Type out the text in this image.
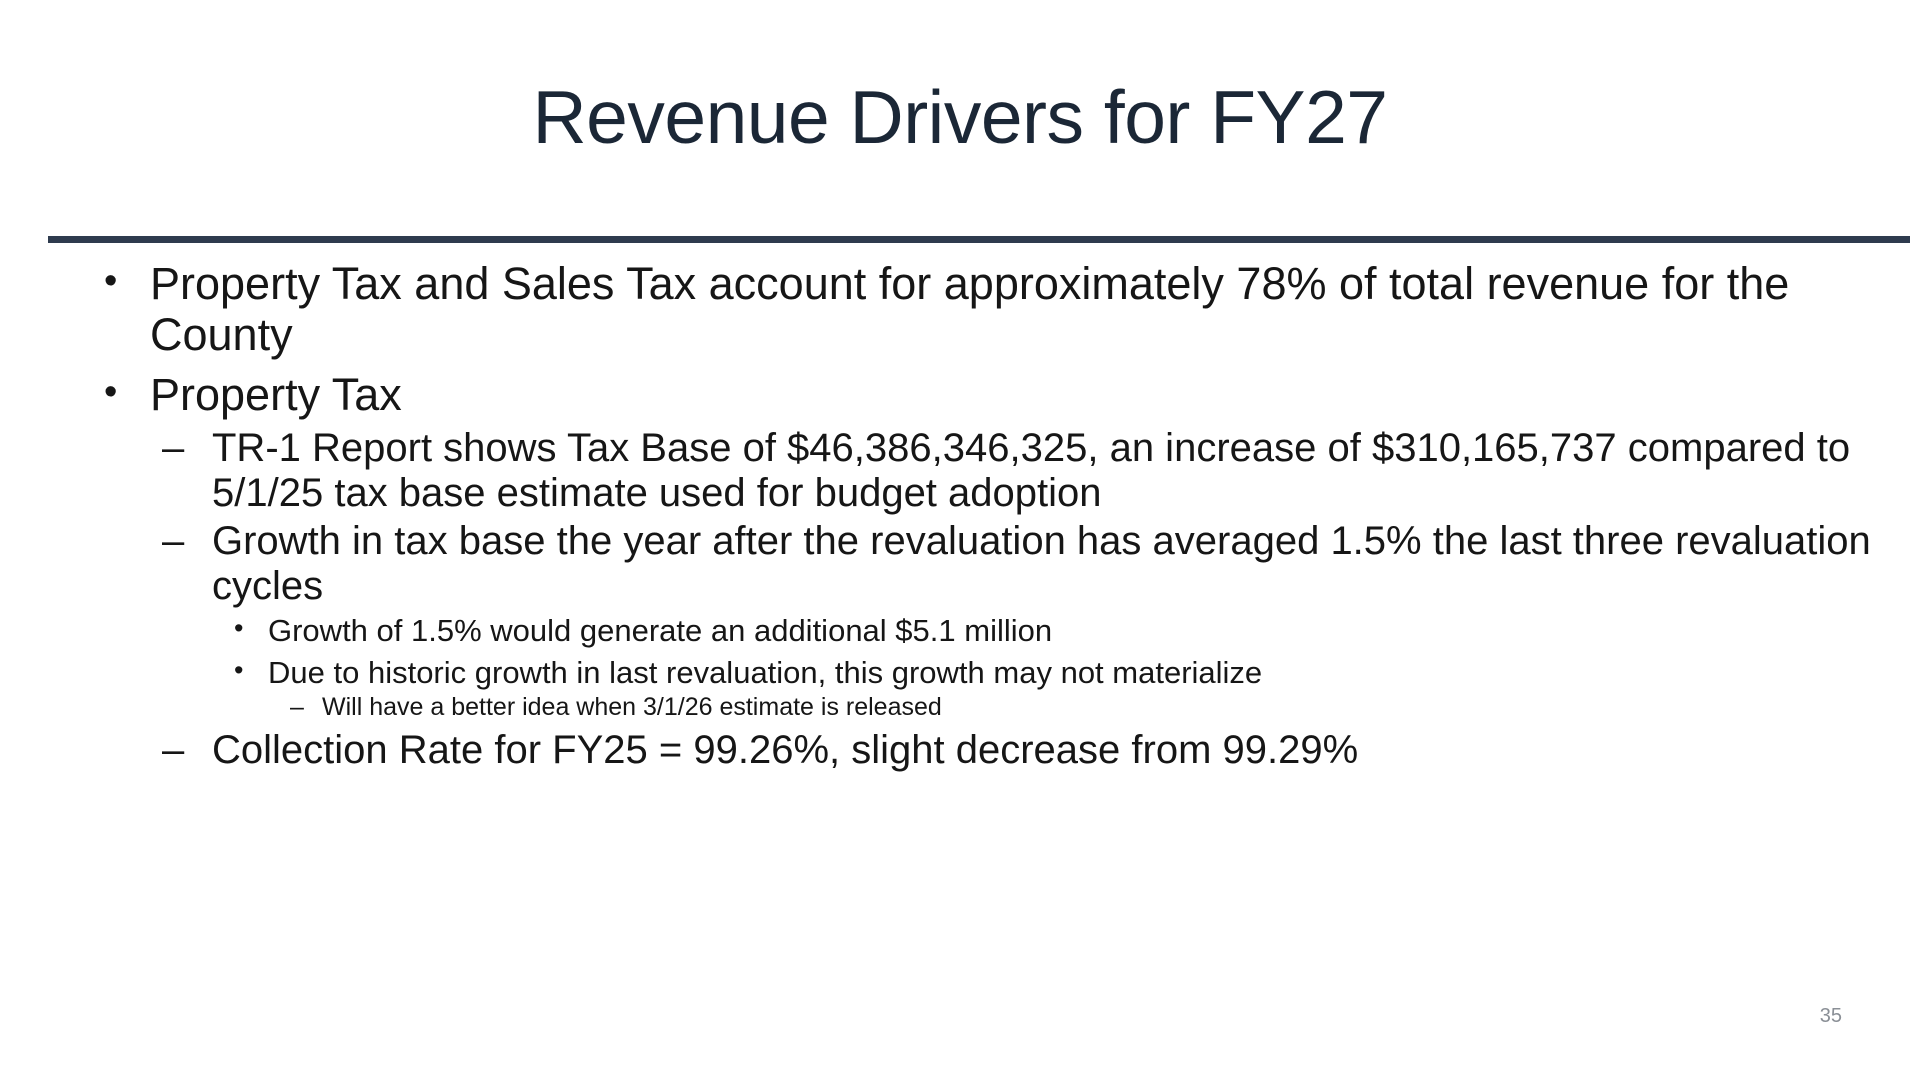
Revenue Drivers for FY27
• Property Tax and Sales Tax account for approximately 78% of total revenue for the County
• Property Tax
– TR-1 Report shows Tax Base of $46,386,346,325, an increase of $310,165,737 compared to 5/1/25 tax base estimate used for budget adoption
– Growth in tax base the year after the revaluation has averaged 1.5% the last three revaluation cycles
• Growth of 1.5% would generate an additional $5.1 million
• Due to historic growth in last revaluation, this growth may not materialize
– Will have a better idea when 3/1/26 estimate is released
– Collection Rate for FY25 = 99.26%, slight decrease from 99.29%
35
